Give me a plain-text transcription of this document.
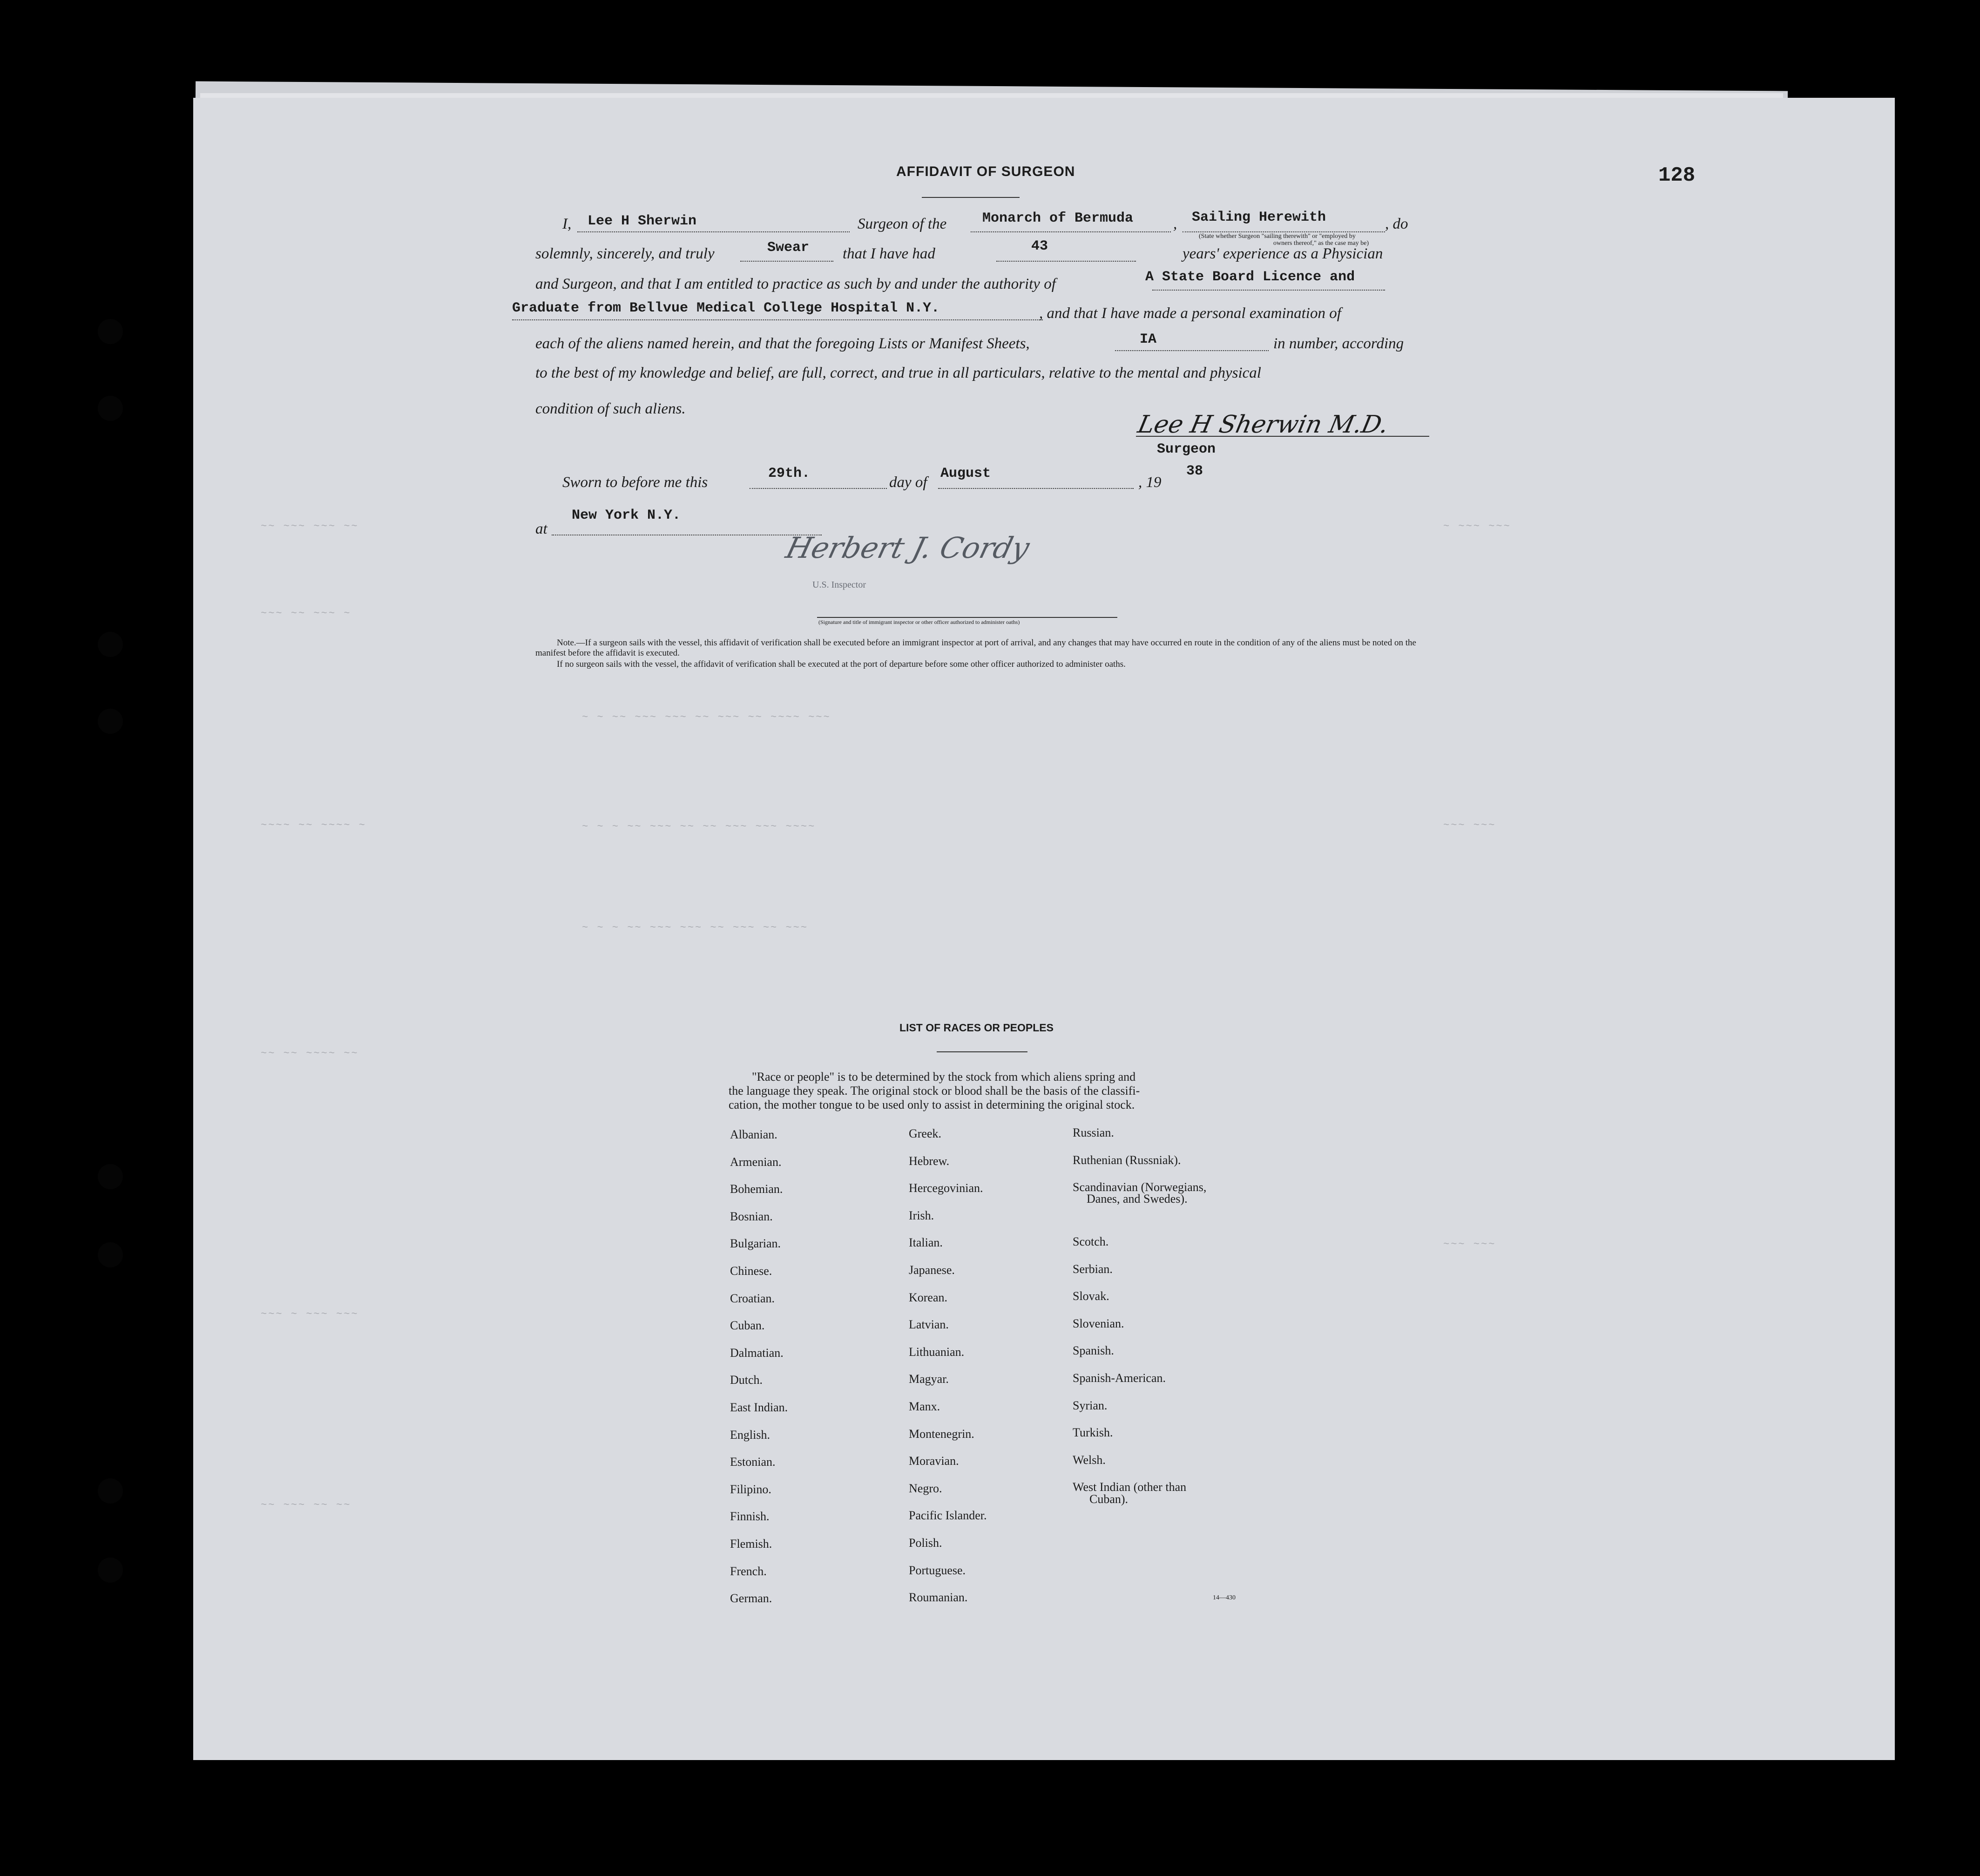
~~ ~~~ ~~~ ~~
~~~ ~~ ~~~ ~
~~~~ ~~ ~~~~ ~
~~ ~~ ~~~~ ~~
~~~ ~ ~~~ ~~~
~~ ~~~ ~~ ~~
~ ~ ~~ ~~~ ~~~ ~~ ~~~ ~~ ~~~~ ~~~
~ ~ ~ ~~ ~~~ ~~ ~~ ~~~ ~~~ ~~~~
~ ~ ~ ~~ ~~~ ~~~ ~~ ~~~ ~~ ~~~
~ ~~~ ~~~
~~~ ~~~
~~~ ~~~
128
AFFIDAVIT OF SURGEON
I, Lee H Sherwin	Surgeon of the	Monarch of Bermuda	, Sailing Herewith	, do
(State whether Surgeon "sailing therewith" or "employed by
owners thereof," as the case may be)
solemnly, sincerely, and truly	Swear that I have had	43	years' experience as a Physician
and Surgeon, and that I am entitled to practice as such by and under the authority of	A State Board Licence and
Graduate from Bellvue Medical College Hospital N.Y.	, and that I have made a personal examination of
each of the aliens named herein, and that the foregoing Lists or Manifest Sheets,	IA	in number, according
to the best of my knowledge and belief, are full, correct, and true in all particulars, relative to the mental and physical
condition of such aliens.
Lee H Sherwin M.D.
Surgeon
Sworn to before me this
29th.
day of
August
, 19
38
at
New York N.Y.
Herbert J. Cordy
U.S. Inspector
(Signature and title of immigrant inspector or other officer authorized to administer oaths)
Note.—If a surgeon sails with the vessel, this affidavit of verification shall be executed before an immigrant inspector at port of arrival, and any changes that may have occurred en route in the condition of any of the aliens must be noted on the manifest before the affidavit is executed.
If no surgeon sails with the vessel, the affidavit of verification shall be executed at the port of departure before some other officer authorized to administer oaths.
LIST OF RACES OR PEOPLES
"Race or people" is to be determined by the stock from which aliens spring and
the language they speak. The original stock or blood shall be the basis of the classifi-
cation, the mother tongue to be used only to assist in determining the original stock.
Albanian.
Armenian.
Bohemian.
Bosnian.
Bulgarian.
Chinese.
Croatian.
Cuban.
Dalmatian.
Dutch.
East Indian.
English.
Estonian.
Filipino.
Finnish.
Flemish.
French.
German.
Greek.
Hebrew.
Hercegovinian.
Irish.
Italian.
Japanese.
Korean.
Latvian.
Lithuanian.
Magyar.
Manx.
Montenegrin.
Moravian.
Negro.
Pacific Islander.
Polish.
Portuguese.
Roumanian.
Russian.
Ruthenian (Russniak).
Scandinavian (Norwegians,
Danes, and Swedes).
Scotch.
Serbian.
Slovak.
Slovenian.
Spanish.
Spanish-American.
Syrian.
Turkish.
Welsh.
West Indian (other than
Cuban).
14—430
